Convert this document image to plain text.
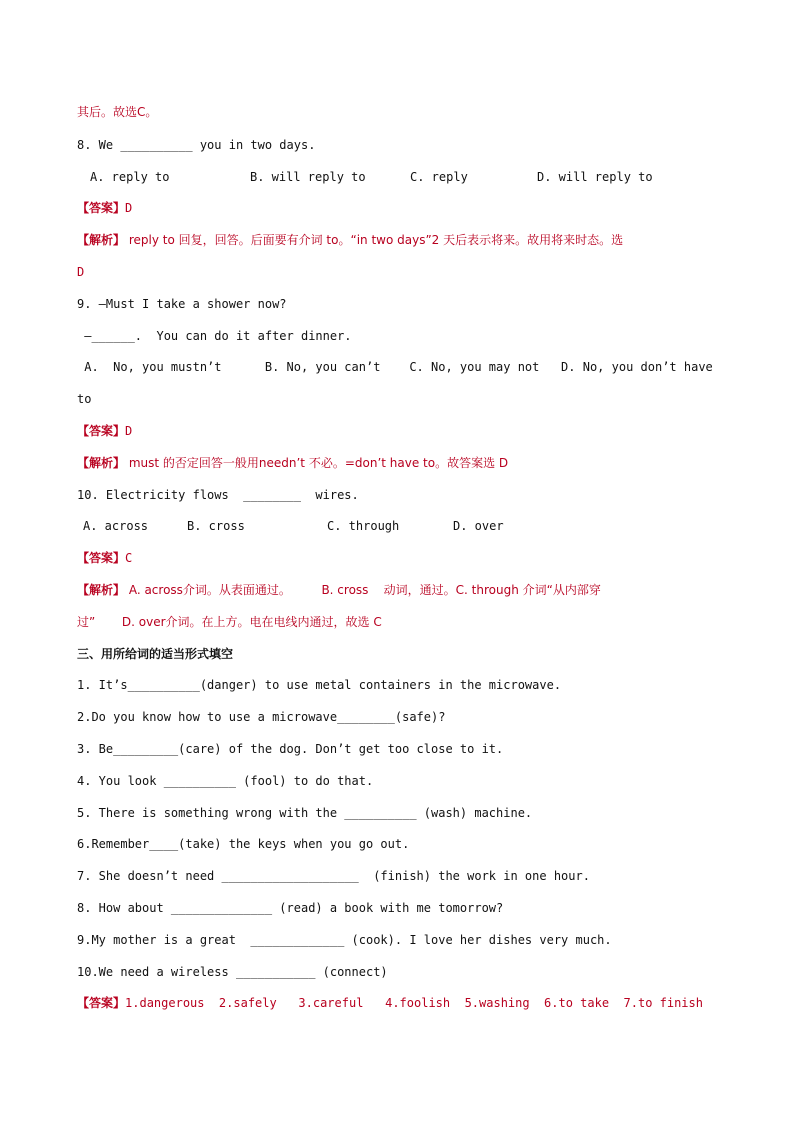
其后。故选C。
8. We __________ you in two days.
A. reply to	B. will reply to	C. reply	D. will reply to
【答案】D
【解析】 reply to 回复，回答。后面要有介词 to。“in two days”2 天后表示将来。故用将来时态。选
D
9. —Must I take a shower now?
—______.  You can do it after dinner.
A.  No, you mustn’t      B. No, you can’t    C. No, you may not   D. No, you don’t have
to
【答案】D
【解析】 must 的否定回答一般用needn’t 不必。=don’t have to。故答案选 D
10. Electricity flows  ________  wires.
A. across	B. cross	C. through	D. over
【答案】C
【解析】 A. across介词。从表面通过。        B. cross    动词，通过。C. through 介词“从内部穿
过”       D. over介词。在上方。电在电线内通过，故选 C
三、用所给词的适当形式填空
1. It’s__________(danger) to use metal containers in the microwave.
2.Do you know how to use a microwave________(safe)?
3. Be_________(care) of the dog. Don’t get too close to it.
4. You look __________ (fool) to do that.
5. There is something wrong with the __________ (wash) machine.
6.Remember____(take) the keys when you go out.
7. She doesn’t need ___________________  (finish) the work in one hour.
8. How about ______________ (read) a book with me tomorrow?
9.My mother is a great  _____________ (cook). I love her dishes very much.
10.We need a wireless ___________ (connect)
【答案】1.dangerous  2.safely   3.careful   4.foolish  5.washing  6.to take  7.to finish
